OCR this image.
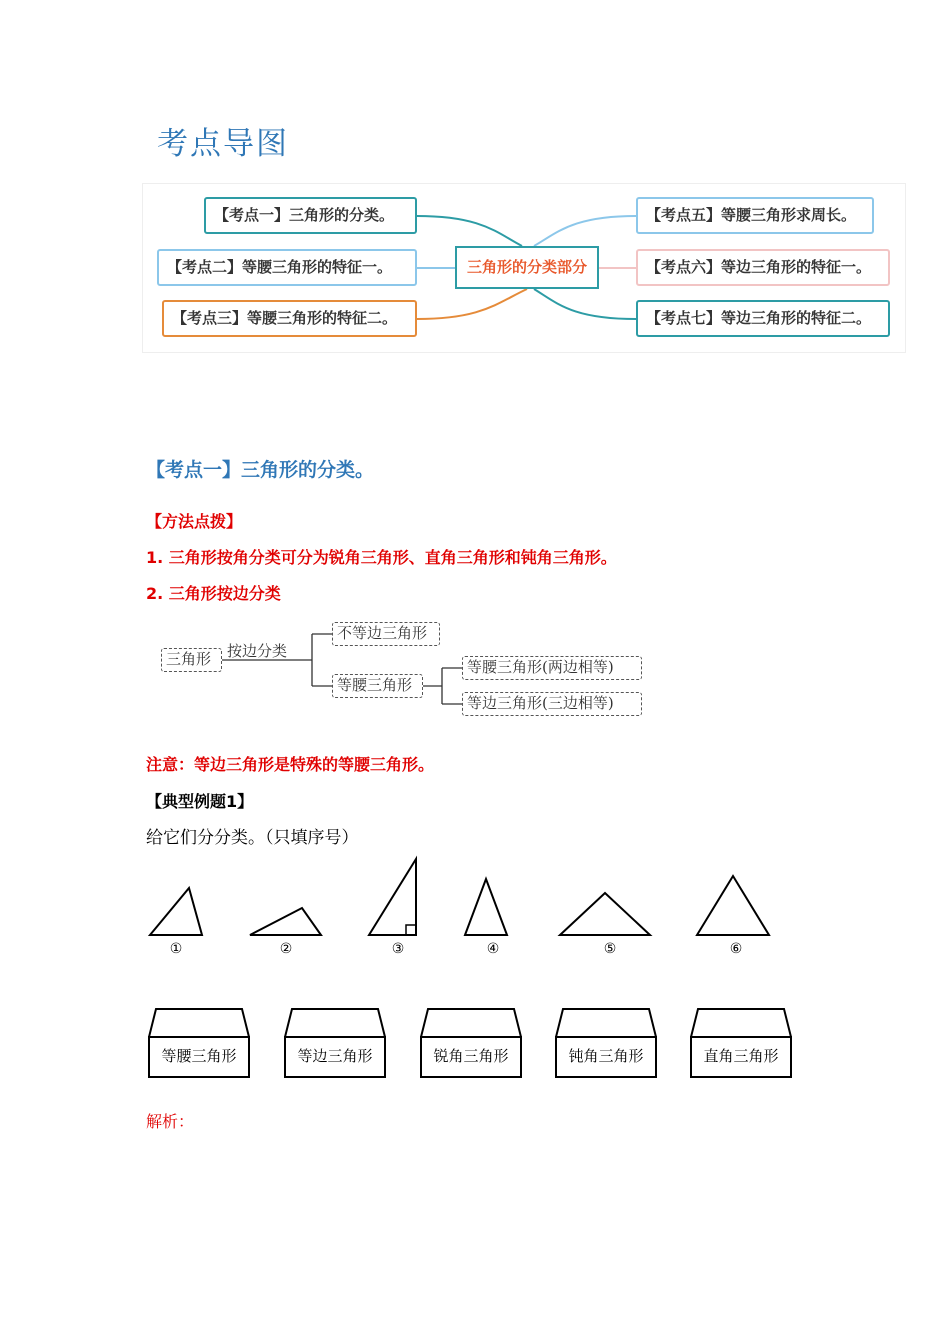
考点导图
【考点一】三角形的分类。
【考点二】等腰三角形的特征一。
【考点三】等腰三角形的特征二。
三角形的分类部分
【考点五】等腰三角形求周长。
【考点六】等边三角形的特征一。
【考点七】等边三角形的特征二。
【考点一】三角形的分类。
【方法点拨】
1. 三角形按角分类可分为锐角三角形、直角三角形和钝角三角形。
2. 三角形按边分类
三角形	按边分类
不等边三角形
等腰三角形
等腰三角形(两边相等)
等边三角形(三边相等)
注意：等边三角形是特殊的等腰三角形。
【典型例题1】
给它们分分类。（只填序号）
①	②	③	④	⑤	⑥
等腰三角形	等边三角形	锐角三角形	钝角三角形	直角三角形
解析：
